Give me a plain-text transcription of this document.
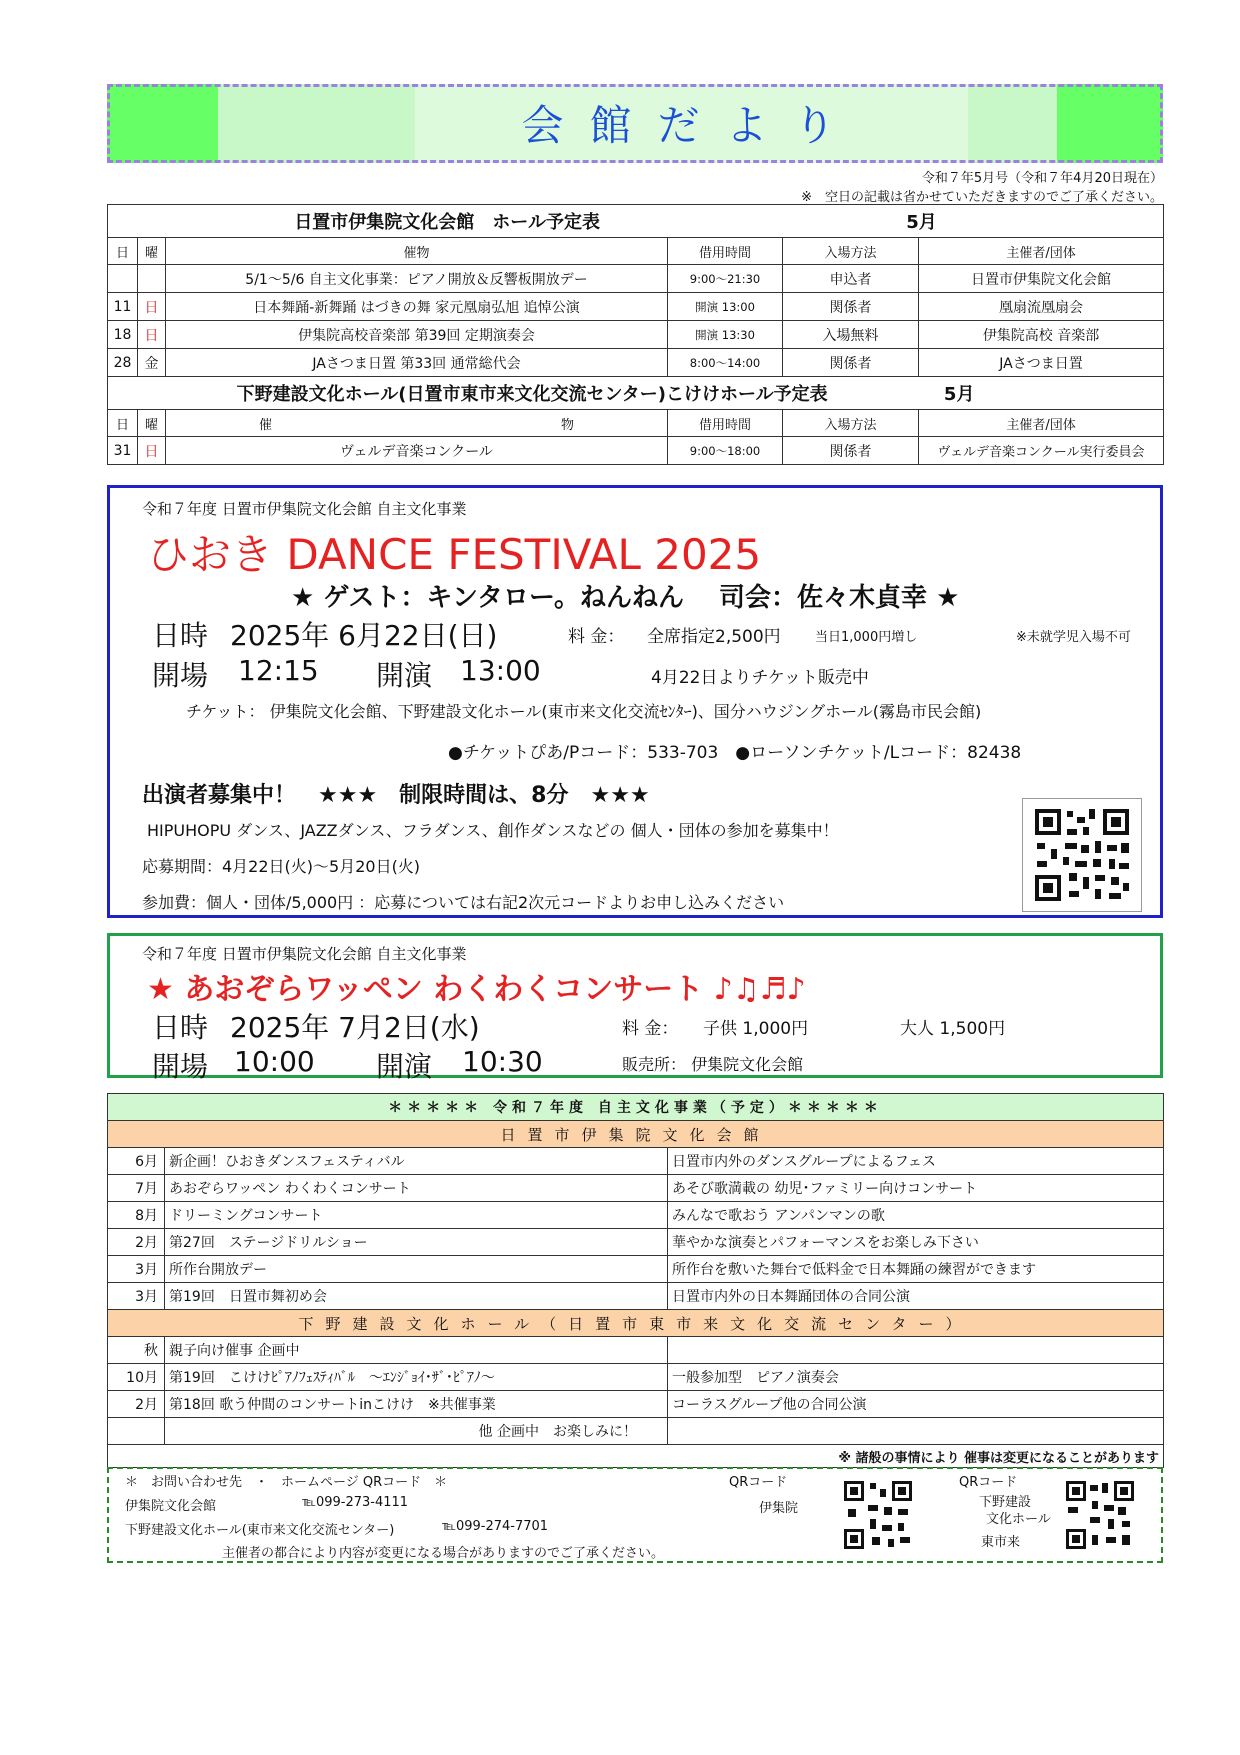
会館だより
令和７年5月号（令和７年4月20日現在）
※　空日の記載は省かせていただきますのでご了承ください。
日置市伊集院文化会館　ホール予定表 5月					
日	曜	催物	借用時間	入場方法	主催者/団体
		5/1～5/6 自主文化事業：ピアノ開放＆反響板開放デー	9:00～21:30	申込者	日置市伊集院文化会館
11	日	日本舞踊-新舞踊 はづきの舞 家元凰扇弘旭 追悼公演	開演 13:00	関係者	凰扇流凰扇会
18	日	伊集院高校音楽部 第39回 定期演奏会	開演 13:30	入場無料	伊集院高校 音楽部
28	金	JAさつま日置 第33回 通常総代会	8:00～14:00	関係者	JAさつま日置
下野建設文化ホール(日置市東市来文化交流センター)こけけホール予定表 5月					
日	曜	催 物	借用時間	入場方法	主催者/団体
31	日	ヴェルデ音楽コンクール	9:00～18:00	関係者	ヴェルデ音楽コンクール実行委員会
令和７年度 日置市伊集院文化会館 自主文化事業
ひおき DANCE FESTIVAL 2025
★ ゲスト：キンタロー。ねんねん　 司会：佐々木貞幸 ★
日時 2025年 6月22日(日)	料 金： 全席指定2,500円	当日1,000円増し	※未就学児入場不可
開場 12:15 開演 13:00	4月22日よりチケット販売中
チケット： 伊集院文化会館、下野建設文化ホール(東市来文化交流ｾﾝﾀｰ)、国分ハウジングホール(霧島市民会館)
●チケットぴあ/Pコード：533-703　●ローソンチケット/Lコード：82438
出演者募集中！　★★★　制限時間は、8分　★★★
HIPUHOPU ダンス、JAZZダンス、フラダンス、創作ダンスなどの 個人・団体の参加を募集中！
応募期間：4月22日(火)～5月20日(火)
参加費：個人・団体/5,000円 ：応募については右記2次元コードよりお申し込みください
令和７年度 日置市伊集院文化会館 自主文化事業
★ あおぞらワッペン わくわくコンサート ♪♫♬♪
日時 2025年 7月2日(水)	料 金： 子供 1,000円	大人 1,500円
開場 10:00 開演 10:30	販売所： 伊集院文化会館
＊＊＊＊＊ 令和７年度 自主文化事業（予定）＊＊＊＊＊		
日置市伊集院文化会館		
6月	新企画！ひおきダンスフェスティバル	日置市内外のダンスグループによるフェス
7月	あおぞらワッペン わくわくコンサート	あそび歌満載の 幼児･ファミリー向けコンサート
8月	ドリーミングコンサート	みんなで歌おう アンパンマンの歌
2月	第27回　ステージドリルショー	華やかな演奏とパフォーマンスをお楽しみ下さい
3月	所作台開放デー	所作台を敷いた舞台で低料金で日本舞踊の練習ができます
3月	第19回　日置市舞初め会	日置市内外の日本舞踊団体の合同公演
下野建設文化ホール（日置市東市来文化交流センター）		
秋	親子向け催事 企画中	
10月	第19回　こけけﾋﾟｱﾉﾌｪｽﾃｨﾊﾞﾙ　～ｴﾝｼﾞｮｲ･ｻﾞ･ﾋﾟｱﾉ～	一般参加型　ピアノ演奏会
2月	第18回 歌う仲間のコンサートinこけけ　※共催事業	コーラスグループ他の合同公演
	他 企画中　お楽しみに！	
※ 諸般の事情により 催事は変更になることがあります		
＊　お問い合わせ先　・　ホームページ QRコード　＊
伊集院文化会館	℡099-273-4111
下野建設文化ホール(東市来文化交流センター)	℡099-274-7701
主催者の都合により内容が変更になる場合がありますのでご了承ください。
QRコード
伊集院
QRコード
下野建設
文化ホール
東市来
